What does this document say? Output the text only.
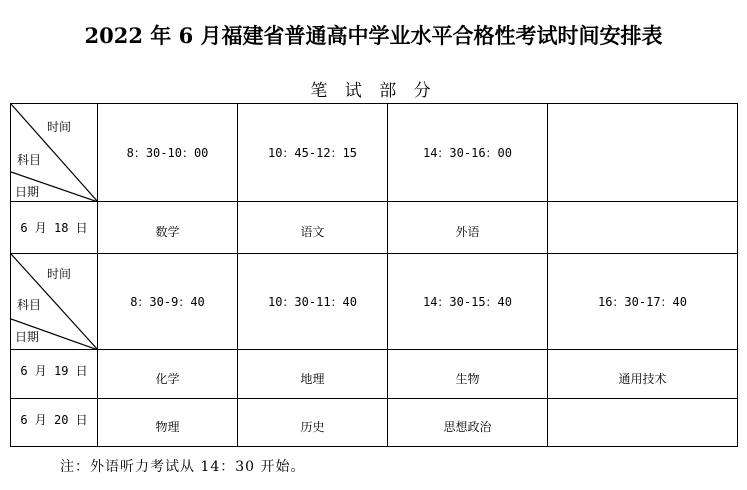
2022 年 6 月福建省普通高中学业水平合格性考试时间安排表
笔 试 部 分
时间
科目
日期	8：30-10：00	10：45-12：15	14：30-16：00	
6 月 18 日	数学	语文	外语	

时间
科目
日期	8：30-9：40	10：30-11：40	14：30-15：40	16：30-17：40
6 月 19 日	化学	地理	生物	通用技术
6 月 20 日	物理	历史	思想政治	
注：外语听力考试从 14：30 开始。
